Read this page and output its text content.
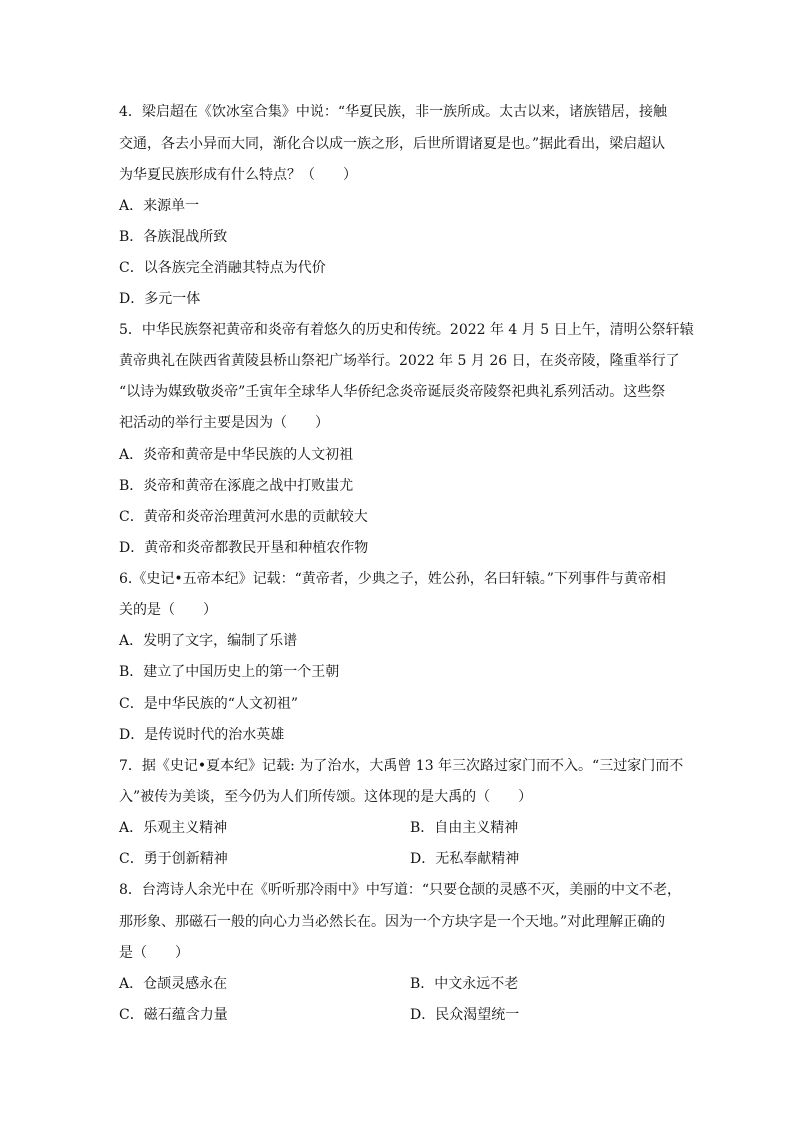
4．梁启超在《饮冰室合集》中说：“华夏民族，非一族所成。太古以来，诸族错居，接触
交通，各去小异而大同，渐化合以成一族之形，后世所谓诸夏是也。”据此看出，梁启超认
为华夏民族形成有什么特点？（　　）
A．来源单一
B．各族混战所致
C．以各族完全消融其特点为代价
D．多元一体
5．中华民族祭祀黄帝和炎帝有着悠久的历史和传统。2022 年 4 月 5 日上午，清明公祭轩辕
黄帝典礼在陕西省黄陵县桥山祭祀广场举行。2022 年 5 月 26 日，在炎帝陵，隆重举行了
“以诗为媒致敬炎帝”壬寅年全球华人华侨纪念炎帝诞辰炎帝陵祭祀典礼系列活动。这些祭
祀活动的举行主要是因为（　　）
A．炎帝和黄帝是中华民族的人文初祖
B．炎帝和黄帝在涿鹿之战中打败蚩尤
C．黄帝和炎帝治理黄河水患的贡献较大
D．黄帝和炎帝都教民开垦和种植农作物
6.《史记•五帝本纪》记载：“黄帝者，少典之子，姓公孙，名曰轩辕。”下列事件与黄帝相
关的是（　　）
A．发明了文字，编制了乐谱
B．建立了中国历史上的第一个王朝
C．是中华民族的“人文初祖”
D．是传说时代的治水英雄
7．据《史记•夏本纪》记载: 为了治水，大禹曾 13 年三次路过家门而不入。“三过家门而不
入”被传为美谈，至今仍为人们所传颂。这体现的是大禹的（　　）
A．乐观主义精神	B．自由主义精神
C．勇于创新精神	D．无私奉献精神
8．台湾诗人余光中在《听听那冷雨中》中写道：“只要仓颉的灵感不灭，美丽的中文不老，
那形象、那磁石一般的向心力当必然长在。因为一个方块字是一个天地。”对此理解正确的
是（　　）
A．仓颉灵感永在	B．中文永远不老
C．磁石蕴含力量	D．民众渴望统一
